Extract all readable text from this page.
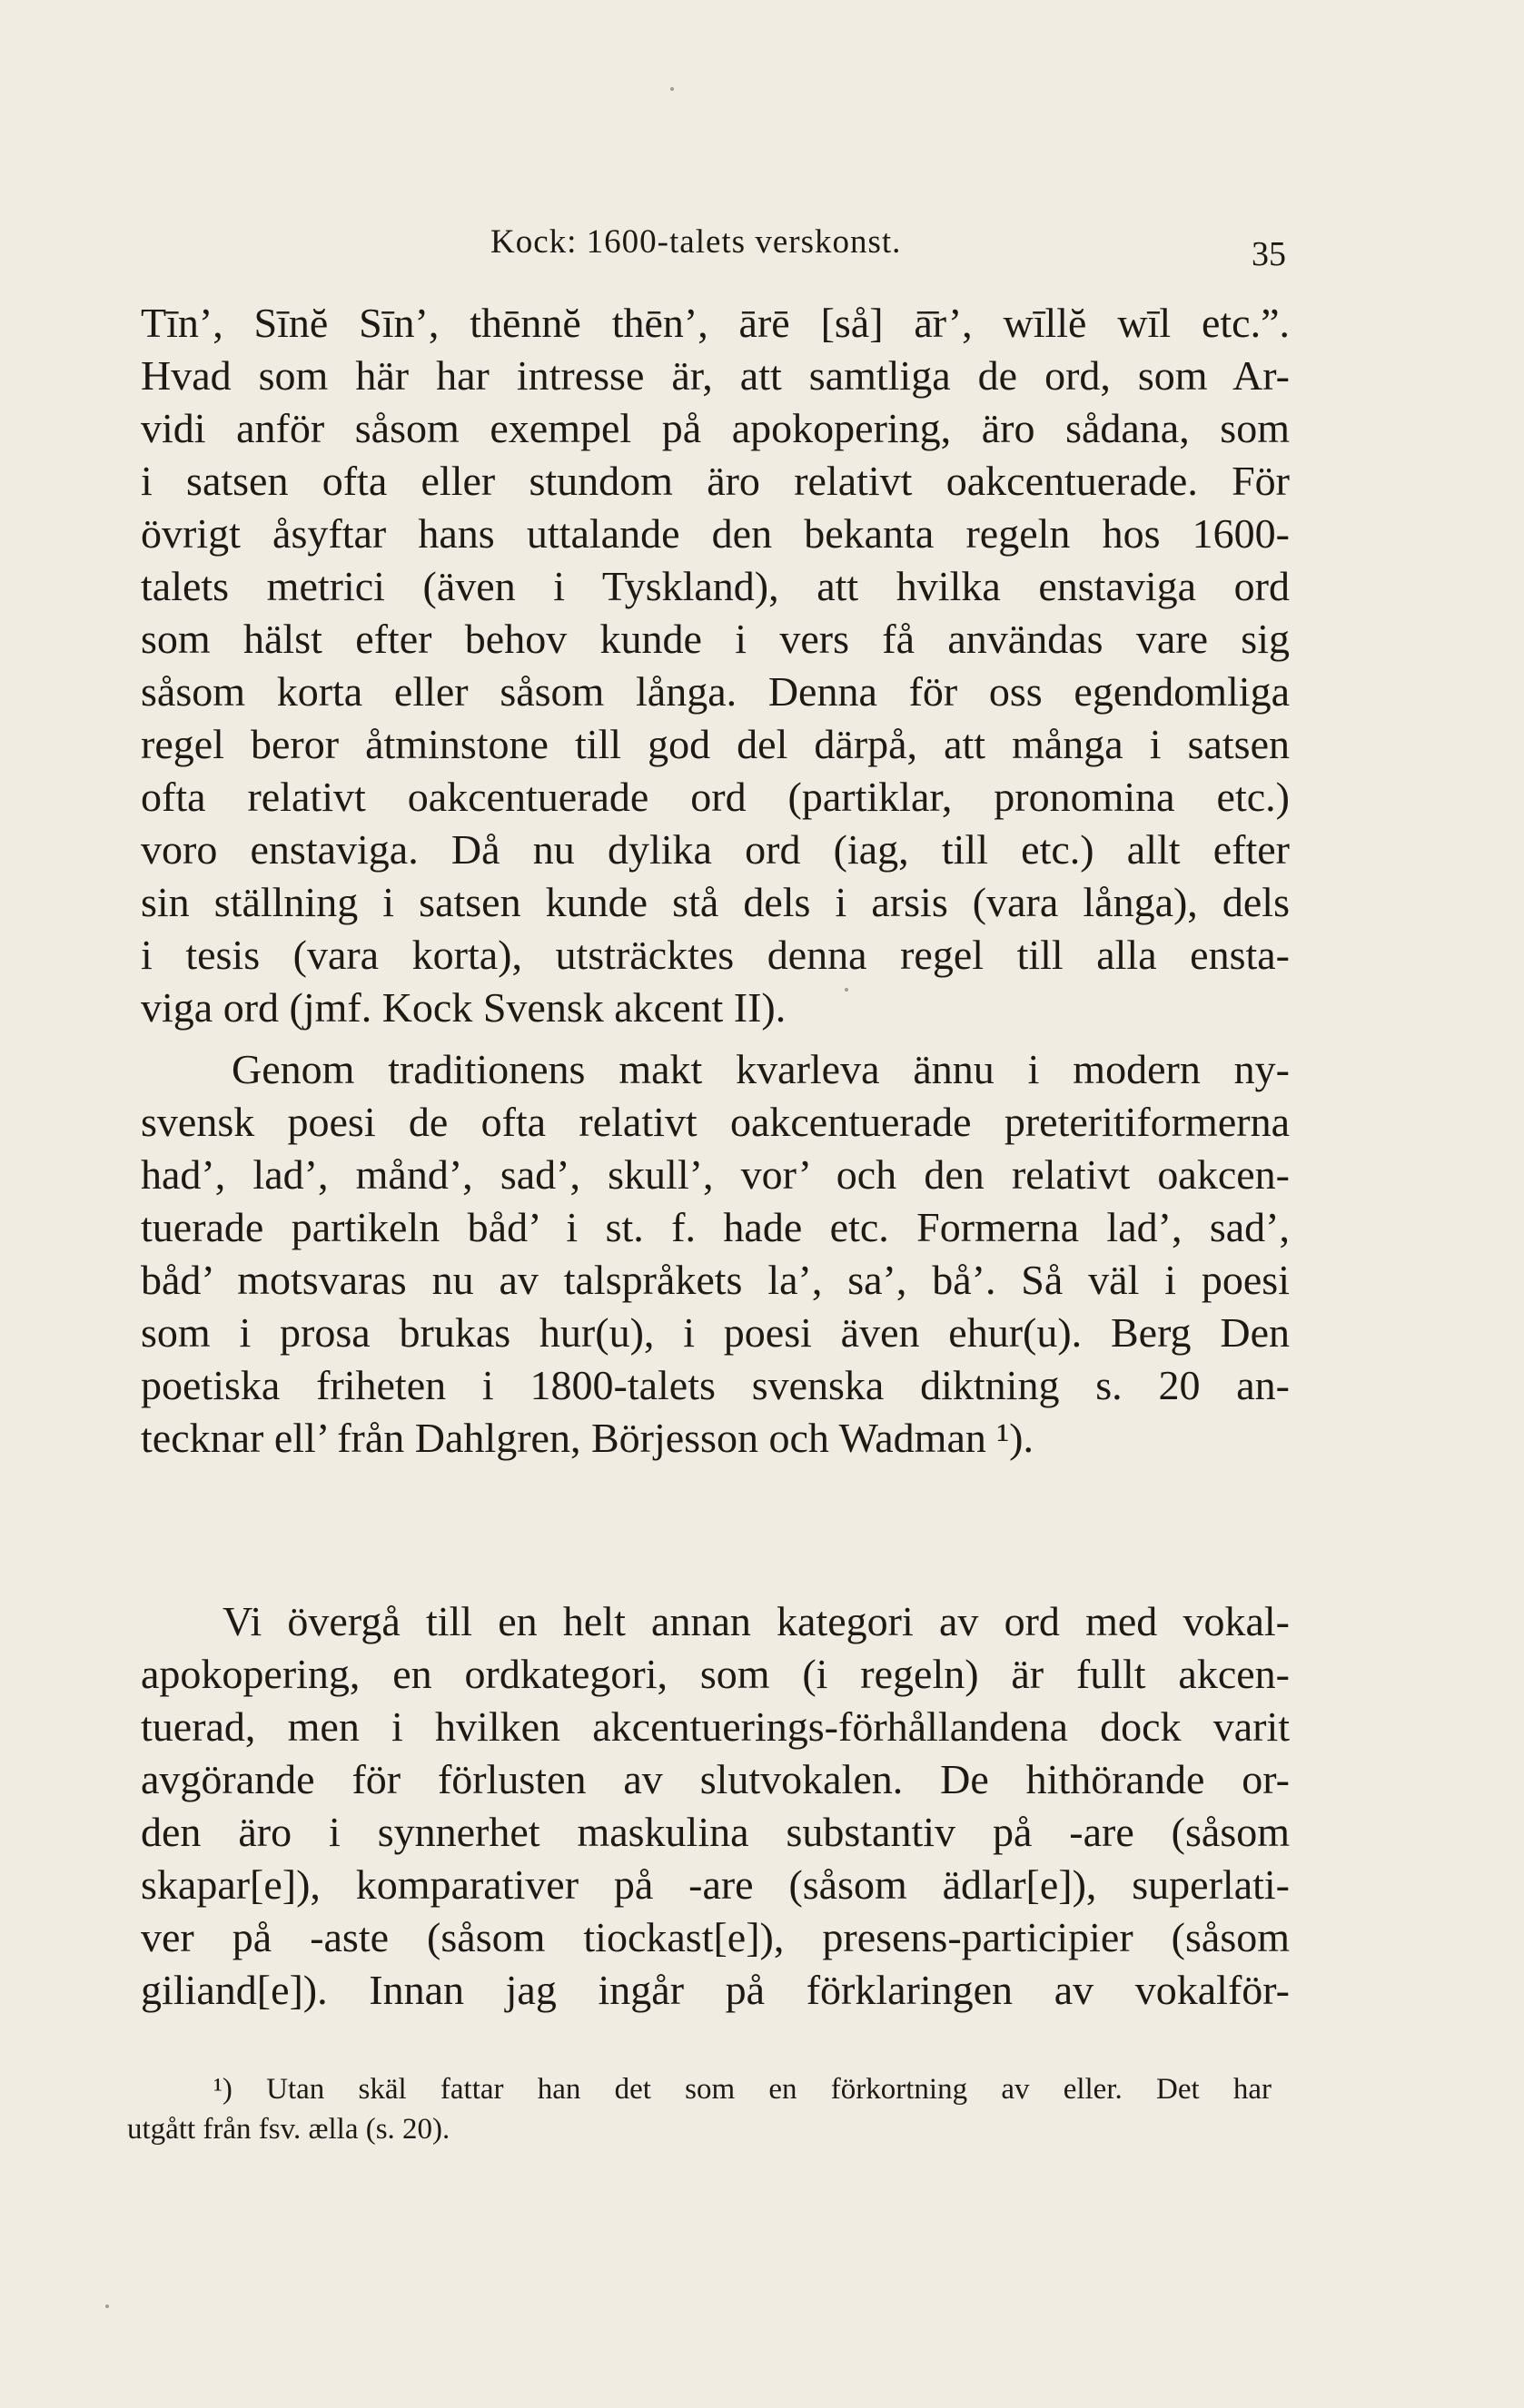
Kock: 1600-talets verskonst.	35
Tīn’, Sīnĕ Sīn’, thēnnĕ thēn’, ārē [så] ā̄r’, wīllĕ wīl etc.”.
Hvad som här har intresse är, att samtliga de ord, som Ar-
vidi anför såsom exempel på apokopering, äro sådana, som
i satsen ofta eller stundom äro relativt oakcentuerade. För
övrigt åsyftar hans uttalande den bekanta regeln hos 1600-
talets metrici (även i Tyskland), att hvilka enstaviga ord
som hälst efter behov kunde i vers få användas vare sig
såsom korta eller såsom långa. Denna för oss egendomliga
regel beror åtminstone till god del därpå, att många i satsen
ofta relativt oakcentuerade ord (partiklar, pronomina etc.)
voro enstaviga. Då nu dylika ord (iag, till etc.) allt efter
sin ställning i satsen kunde stå dels i arsis (vara långa), dels
i tesis (vara korta), utsträcktes denna regel till alla ensta-
viga ord (jmf. Kock Svensk akcent II).
Genom traditionens makt kvarleva ännu i modern ny-
svensk poesi de ofta relativt oakcentuerade preteritiformerna
had’, lad’, månd’, sad’, skull’, vor’ och den relativt oakcen-
tuerade partikeln båd’ i st. f. hade etc. Formerna lad’, sad’,
båd’ motsvaras nu av talspråkets la’, sa’, bå’. Så väl i poesi
som i prosa brukas hur(u), i poesi även ehur(u). Berg Den
poetiska friheten i 1800-talets svenska diktning s. 20 an-
tecknar ell’ från Dahlgren, Börjesson och Wadman ¹).
Vi övergå till en helt annan kategori av ord med vokal-
apokopering, en ordkategori, som (i regeln) är fullt akcen-
tuerad, men i hvilken akcentuerings-förhållandena dock varit
avgörande för förlusten av slutvokalen. De hithörande or-
den äro i synnerhet maskulina substantiv på -are (såsom
skapar[e]), komparativer på -are (såsom ädlar[e]), superlati-
ver på -aste (såsom tiockast[e]), presens-participier (såsom
giliand[e]). Innan jag ingår på förklaringen av vokalför-
¹) Utan skäl fattar han det som en förkortning av eller. Det har
utgått från fsv. ælla (s. 20).
